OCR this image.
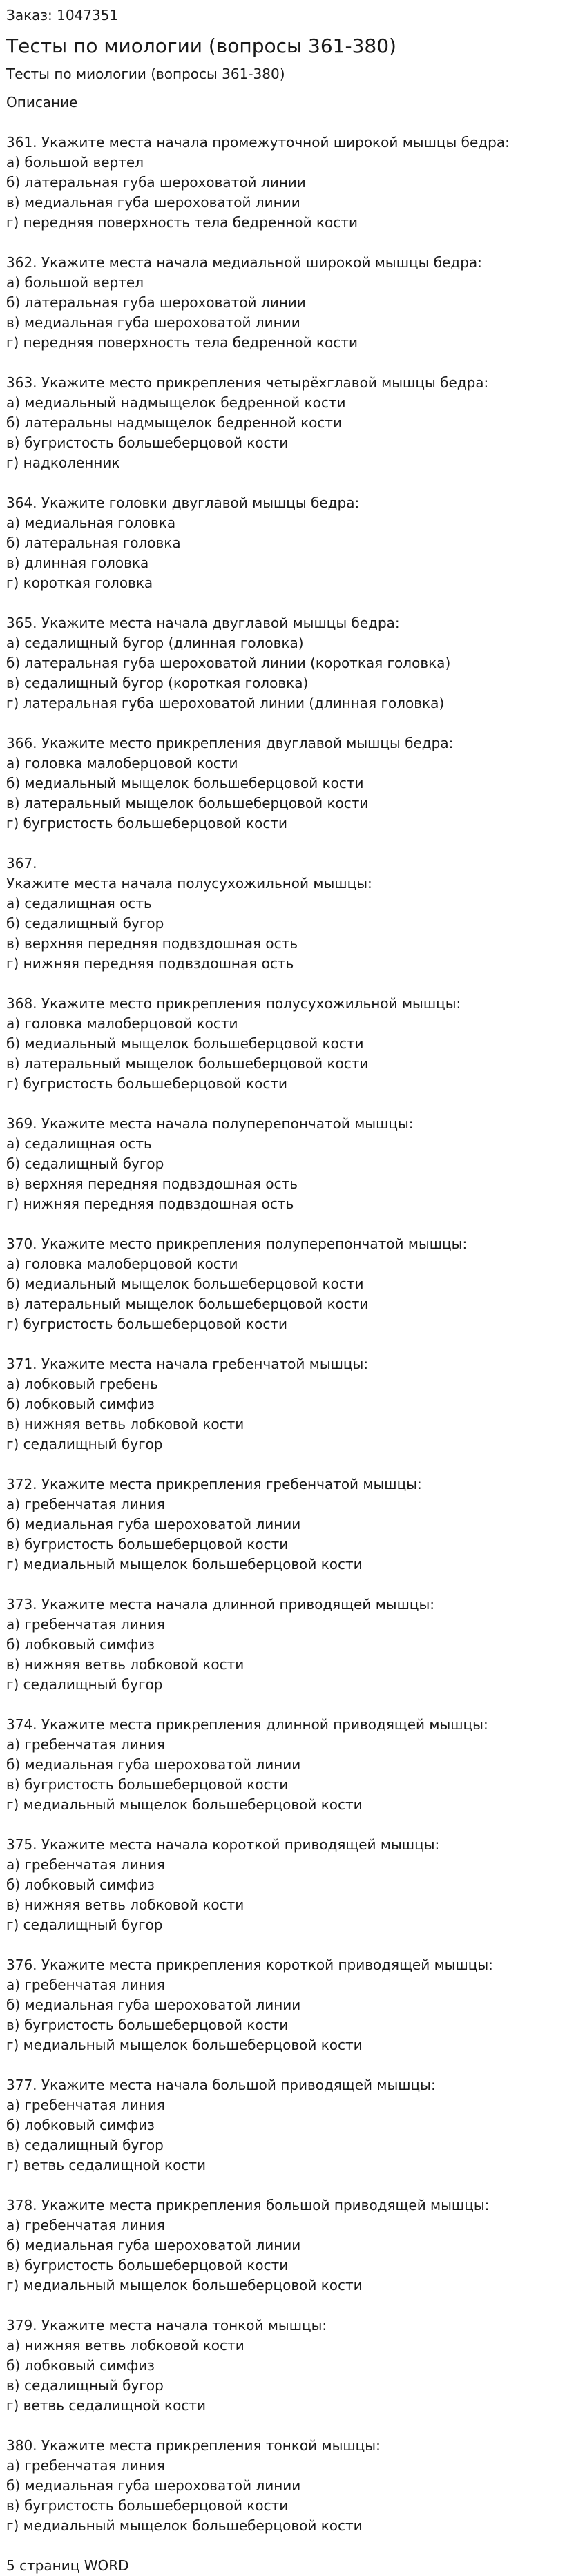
Заказ: 1047351

Тесты по миологии (вопросы 361-380)

Тесты по миологии (вопросы 361-380)

Описание

361. Укажите места начала промежуточной широкой мышцы бедра:
а) большой вертел
б) латеральная губа шероховатой линии
в) медиальная губа шероховатой линии
г) передняя поверхность тела бедренной кости
362. Укажите места начала медиальной широкой мышцы бедра:
а) большой вертел
б) латеральная губа шероховатой линии
в) медиальная губа шероховатой линии
г) передняя поверхность тела бедренной кости
363. Укажите место прикрепления четырёхглавой мышцы бедра:
а) медиальный надмыщелок бедренной кости
б) латеральны надмыщелок бедренной кости
в) бугристость большеберцовой кости
г) надколенник
364. Укажите головки двуглавой мышцы бедра:
а) медиальная головка
б) латеральная головка
в) длинная головка
г) короткая головка
365. Укажите места начала двуглавой мышцы бедра:
а) седалищный бугор (длинная головка)
б) латеральная губа шероховатой линии (короткая головка)
в) седалищный бугор (короткая головка)
г) латеральная губа шероховатой линии (длинная головка)
366. Укажите место прикрепления двуглавой мышцы бедра:
а) головка малоберцовой кости
б) медиальный мыщелок большеберцовой кости
в) латеральный мыщелок большеберцовой кости
г) бугристость большеберцовой кости
367.
Укажите места начала полусухожильной мышцы:
а) седалищная ость
б) седалищный бугор
в) верхняя передняя подвздошная ость
г) нижняя передняя подвздошная ость
368. Укажите место прикрепления полусухожильной мышцы:
а) головка малоберцовой кости
б) медиальный мыщелок большеберцовой кости
в) латеральный мыщелок большеберцовой кости
г) бугристость большеберцовой кости
369. Укажите места начала полуперепончатой мышцы:
а) седалищная ость
б) седалищный бугор
в) верхняя передняя подвздошная ость
г) нижняя передняя подвздошная ость
370. Укажите место прикрепления полуперепончатой мышцы:
а) головка малоберцовой кости
б) медиальный мыщелок большеберцовой кости
в) латеральный мыщелок большеберцовой кости
г) бугристость большеберцовой кости
371. Укажите места начала гребенчатой мышцы:
а) лобковый гребень
б) лобковый симфиз
в) нижняя ветвь лобковой кости
г) седалищный бугор
372. Укажите места прикрепления гребенчатой мышцы:
а) гребенчатая линия
б) медиальная губа шероховатой линии
в) бугристость большеберцовой кости
г) медиальный мыщелок большеберцовой кости
373. Укажите места начала длинной приводящей мышцы:
а) гребенчатая линия
б) лобковый симфиз
в) нижняя ветвь лобковой кости
г) седалищный бугор
374. Укажите места прикрепления длинной приводящей мышцы:
а) гребенчатая линия
б) медиальная губа шероховатой линии
в) бугристость большеберцовой кости
г) медиальный мыщелок большеберцовой кости
375. Укажите места начала короткой приводящей мышцы:
а) гребенчатая линия
б) лобковый симфиз
в) нижняя ветвь лобковой кости
г) седалищный бугор
376. Укажите места прикрепления короткой приводящей мышцы:
а) гребенчатая линия
б) медиальная губа шероховатой линии
в) бугристость большеберцовой кости
г) медиальный мыщелок большеберцовой кости
377. Укажите места начала большой приводящей мышцы:
а) гребенчатая линия
б) лобковый симфиз
в) седалищный бугор
г) ветвь седалищной кости
378. Укажите места прикрепления большой приводящей мышцы:
а) гребенчатая линия
б) медиальная губа шероховатой линии
в) бугристость большеберцовой кости
г) медиальный мыщелок большеберцовой кости
379. Укажите места начала тонкой мышцы:
а) нижняя ветвь лобковой кости
б) лобковый симфиз
в) седалищный бугор
г) ветвь седалищной кости
380. Укажите места прикрепления тонкой мышцы:
а) гребенчатая линия
б) медиальная губа шероховатой линии
в) бугристость большеберцовой кости
г) медиальный мыщелок большеберцовой кости

5 страниц WORD
